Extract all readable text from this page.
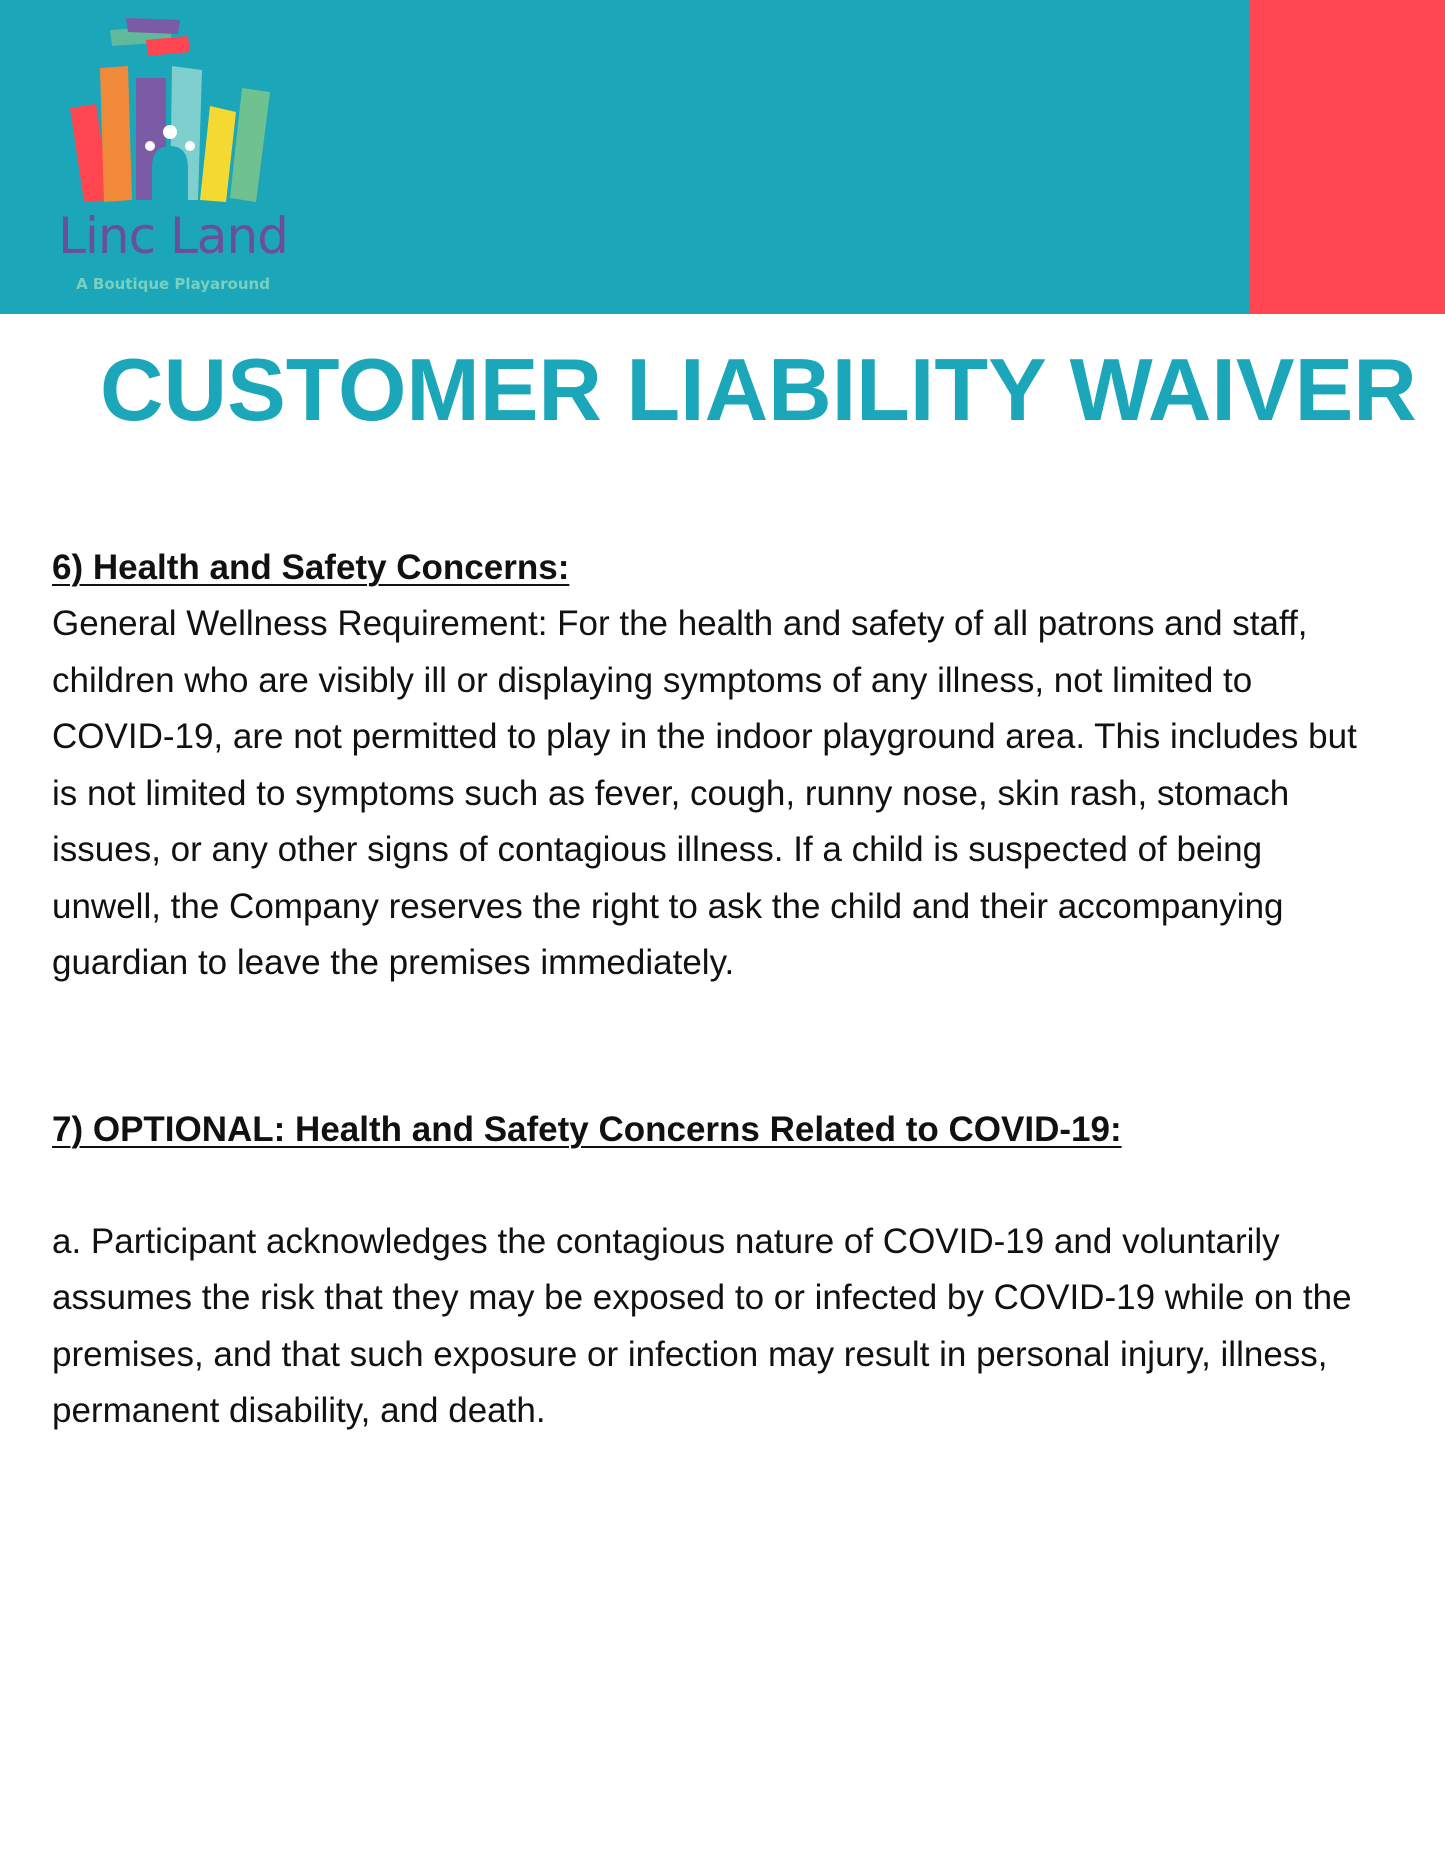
Linc Land
A Boutique Playaround
CUSTOMER LIABILITY WAIVER
6) Health and Safety Concerns:

General Wellness Requirement: For the health and safety of all patrons and staff, children who are visibly ill or displaying symptoms of any illness, not limited to COVID-19, are not permitted to play in the indoor playground area. This includes but is not limited to symptoms such as fever, cough, runny nose, skin rash, stomach issues, or any other signs of contagious illness. If a child is suspected of being unwell, the Company reserves the right to ask the child and their accompanying guardian to leave the premises immediately.

7) OPTIONAL: Health and Safety Concerns Related to COVID-19:

a. Participant acknowledges the contagious nature of COVID-19 and voluntarily assumes the risk that they may be exposed to or infected by COVID-19 while on the premises, and that such exposure or infection may result in personal injury, illness, permanent disability, and death.
